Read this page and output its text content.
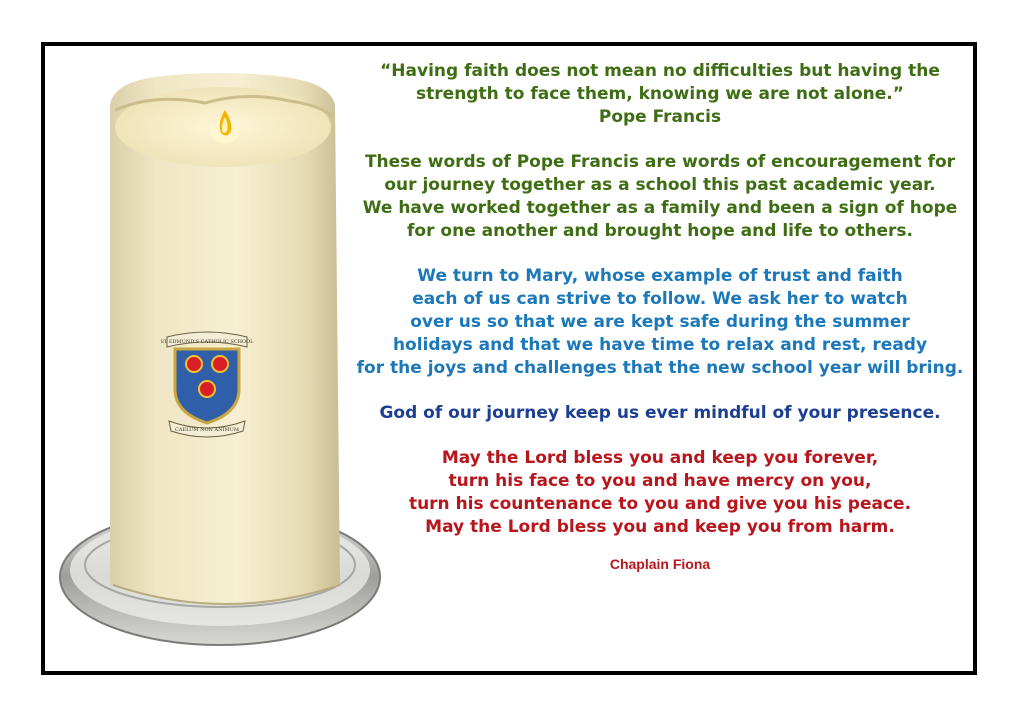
ST EDMUND'S CATHOLIC SCHOOL
CAELUM NON ANIMUM

“Having faith does not mean no difficulties but having the
strength to face them, knowing we are not alone.”
Pope Francis

These words of Pope Francis are words of encouragement for
our journey together as a school this past academic year.
We have worked together as a family and been a sign of hope
for one another and brought hope and life to others.

We turn to Mary, whose example of trust and faith
each of us can strive to follow. We ask her to watch
over us so that we are kept safe during the summer
holidays and that we have time to relax and rest, ready
for the joys and challenges that the new school year will bring.

God of our journey keep us ever mindful of your presence.

May the Lord bless you and keep you forever,
turn his face to you and have mercy on you,
turn his countenance to you and give you his peace.
May the Lord bless you and keep you from harm.

Chaplain Fiona
